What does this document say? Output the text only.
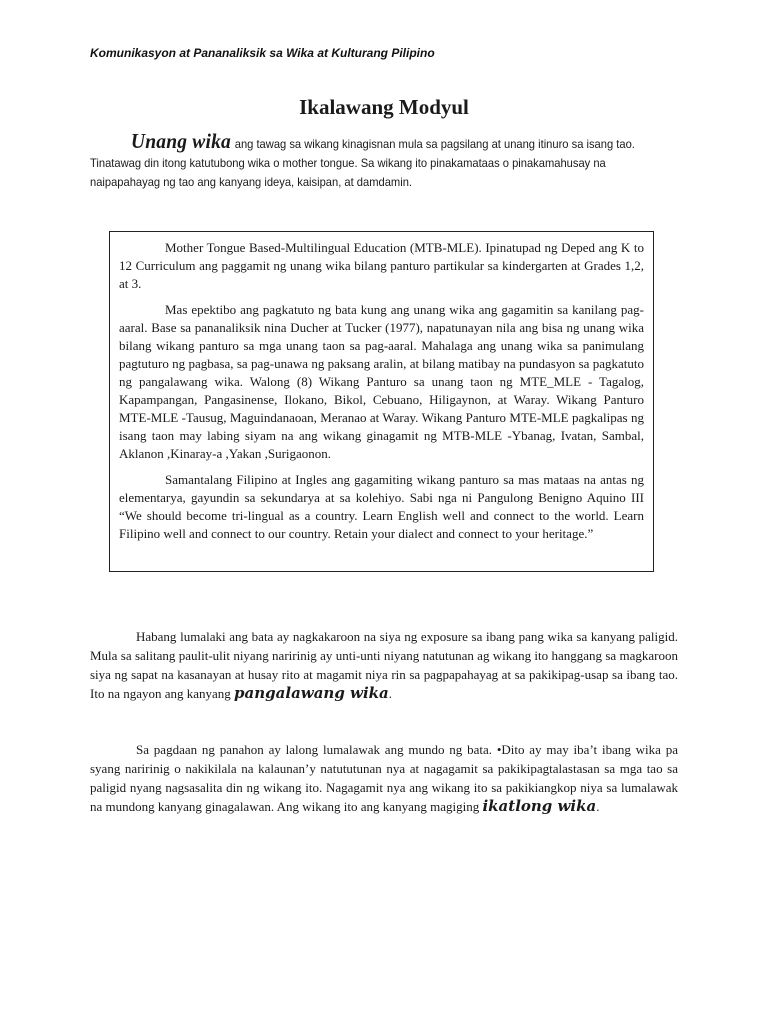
Komunikasyon at Pananaliksik sa Wika at Kulturang Pilipino
Ikalawang Modyul
Unang wika ang tawag sa wikang kinagisnan mula sa pagsilang at unang itinuro sa isang tao. Tinatawag din itong katutubong wika o mother tongue. Sa wikang ito pinakamataas o pinakamahusay na naipapahayag ng tao ang kanyang ideya, kaisipan, at damdamin.

Mother Tongue Based-Multilingual Education (MTB-MLE). Ipinatupad ng Deped ang K to 12 Curriculum ang paggamit ng unang wika bilang panturo partikular sa kindergarten at Grades 1,2, at 3.

Mas epektibo ang pagkatuto ng bata kung ang unang wika ang gagamitin sa kanilang pag-aaral. Base sa pananaliksik nina Ducher at Tucker (1977), napatunayan nila ang bisa ng unang wika bilang wikang panturo sa mga unang taon sa pag-aaral. Mahalaga ang unang wika sa panimulang pagtuturo ng pagbasa, sa pag-unawa ng paksang aralin, at bilang matibay na pundasyon sa pagkatuto ng pangalawang wika. Walong (8) Wikang Panturo sa unang taon ng MTE_MLE - Tagalog, Kapampangan, Pangasinense, Ilokano, Bikol, Cebuano, Hiligaynon, at Waray. Wikang Panturo MTE-MLE -Tausug, Maguindanaoan, Meranao at Waray. Wikang Panturo MTE-MLE pagkalipas ng isang taon may labing siyam na ang wikang ginagamit ng MTB-MLE -Ybanag, Ivatan, Sambal, Aklanon ,Kinaray-a ,Yakan ,Surigaonon.

Samantalang Filipino at Ingles ang gagamiting wikang panturo sa mas mataas na antas ng elementarya, gayundin sa sekundarya at sa kolehiyo. Sabi nga ni Pangulong Benigno Aquino III “We should become tri-lingual as a country. Learn English well and connect to the world. Learn Filipino well and connect to our country. Retain your dialect and connect to your heritage.”

Habang lumalaki ang bata ay nagkakaroon na siya ng exposure sa ibang pang wika sa kanyang paligid. Mula sa salitang paulit-ulit niyang naririnig ay unti-unti niyang natutunan ag wikang ito hanggang sa magkaroon siya ng sapat na kasanayan at husay rito at magamit niya rin sa pagpapahayag at sa pakikipag-usap sa ibang tao. Ito na ngayon ang kanyang pangalawang wika.

Sa pagdaan ng panahon ay lalong lumalawak ang mundo ng bata. •Dito ay may iba’t ibang wika pa syang naririnig o nakikilala na kalaunan’y natututunan nya at nagagamit sa pakikipagtalastasan sa mga tao sa paligid nyang nagsasalita din ng wikang ito. Nagagamit nya ang wikang ito sa pakikiangkop niya sa lumalawak na mundong kanyang ginagalawan. Ang wikang ito ang kanyang magiging ikatlong wika.
